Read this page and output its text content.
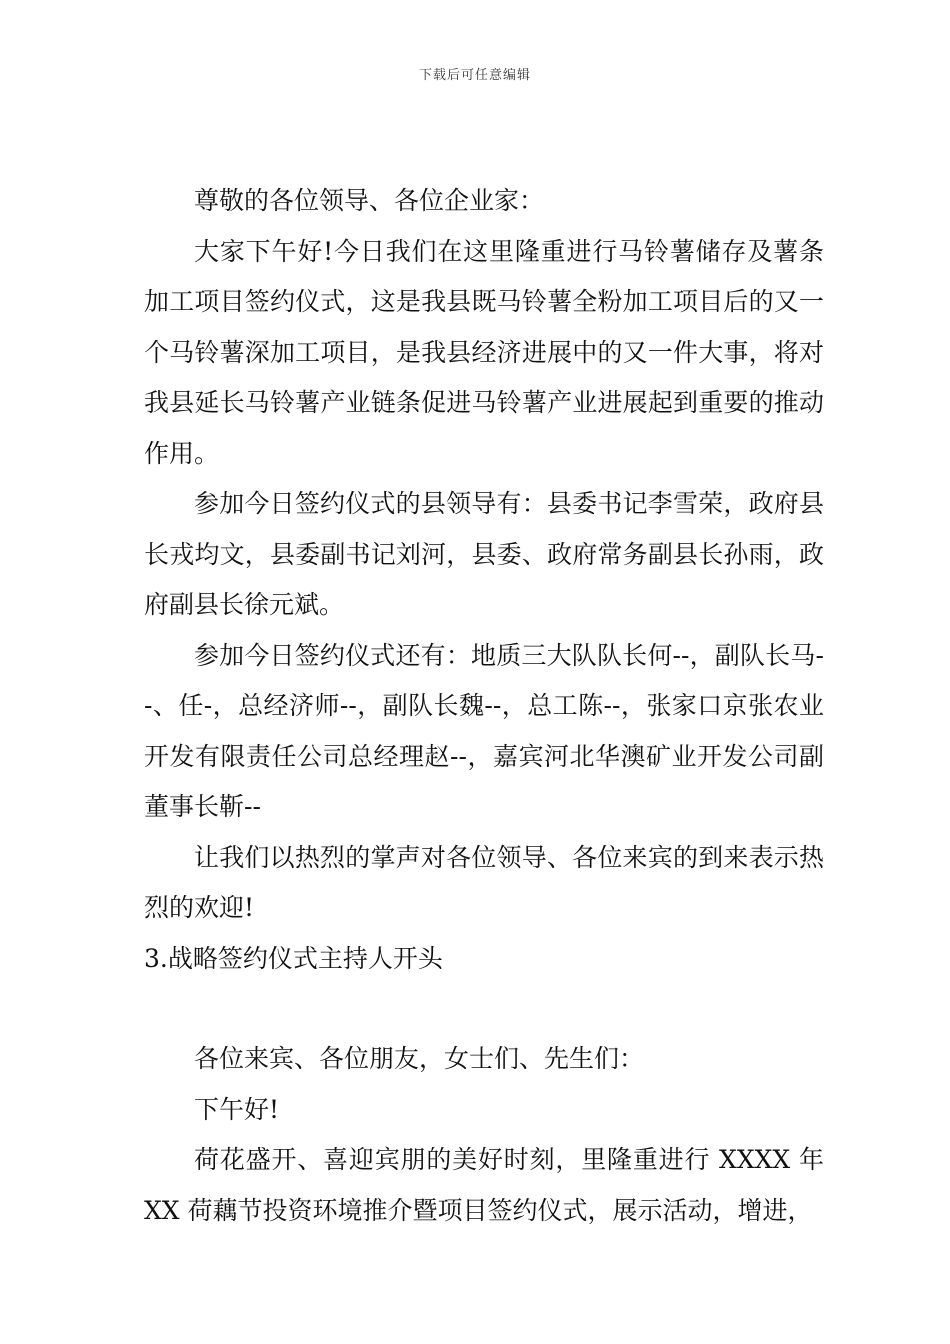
下载后可任意编辑

尊敬的各位领导、各位企业家：

大家下午好!今日我们在这里隆重进行马铃薯储存及薯条加工项目签约仪式，这是我县既马铃薯全粉加工项目后的又一个马铃薯深加工项目，是我县经济进展中的又一件大事，将对我县延长马铃薯产业链条促进马铃薯产业进展起到重要的推动作用。

参加今日签约仪式的县领导有：县委书记李雪荣，政府县长戎均文，县委副书记刘河，县委、政府常务副县长孙雨，政府副县长徐元斌。

参加今日签约仪式还有：地质三大队队长何--，副队长马--、任-，总经济师--，副队长魏--，总工陈--，张家口京张农业开发有限责任公司总经理赵--，嘉宾河北华澳矿业开发公司副董事长靳--

让我们以热烈的掌声对各位领导、各位来宾的到来表示热烈的欢迎!

3.战略签约仪式主持人开头

各位来宾、各位朋友，女士们、先生们：

下午好!

荷花盛开、喜迎宾朋的美好时刻，里隆重进行 XXXX 年 XX 荷藕节投资环境推介暨项目签约仪式，展示活动，增进，
